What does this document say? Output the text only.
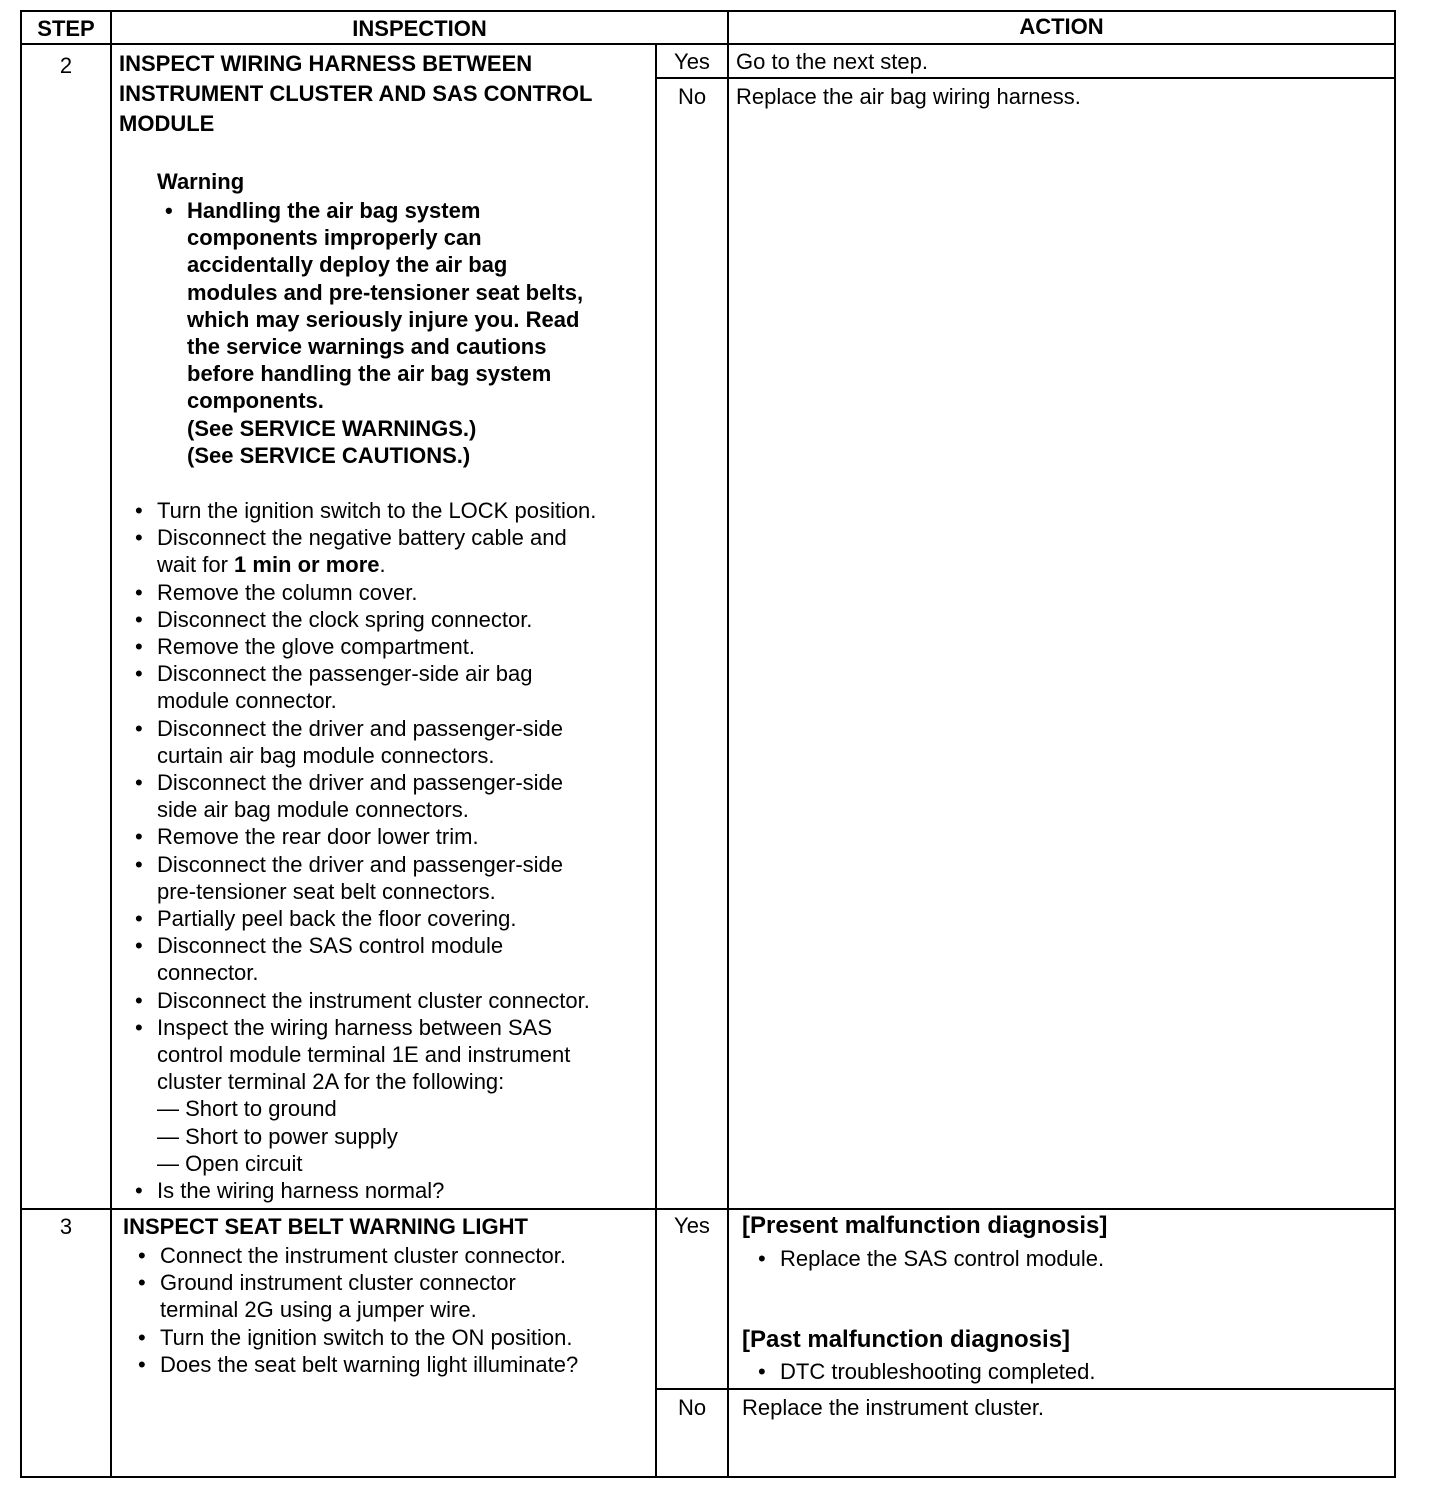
STEP	INSPECTION	ACTION
2	INSPECT WIRING HARNESS BETWEEN
INSTRUMENT CLUSTER AND SAS CONTROL
MODULE
Warning
• Handling the air bag system
components improperly can
accidentally deploy the air bag
modules and pre-tensioner seat belts,
which may seriously injure you. Read
the service warnings and cautions
before handling the air bag system
components.
(See SERVICE WARNINGS.)
(See SERVICE CAUTIONS.)
• Turn the ignition switch to the LOCK position.
• Disconnect the negative battery cable and
wait for 1 min or more.
• Remove the column cover.
• Disconnect the clock spring connector.
• Remove the glove compartment.
• Disconnect the passenger-side air bag
module connector.
• Disconnect the driver and passenger-side
curtain air bag module connectors.
• Disconnect the driver and passenger-side
side air bag module connectors.
• Remove the rear door lower trim.
• Disconnect the driver and passenger-side
pre-tensioner seat belt connectors.
• Partially peel back the floor covering.
• Disconnect the SAS control module
connector.
• Disconnect the instrument cluster connector.
• Inspect the wiring harness between SAS
control module terminal 1E and instrument
cluster terminal 2A for the following:
— Short to ground
— Short to power supply
— Open circuit
• Is the wiring harness normal?
Yes	Go to the next step.
No	Replace the air bag wiring harness.
3	INSPECT SEAT BELT WARNING LIGHT
• Connect the instrument cluster connector.
• Ground instrument cluster connector
terminal 2G using a jumper wire.
• Turn the ignition switch to the ON position.
• Does the seat belt warning light illuminate?
Yes	[Present malfunction diagnosis]
• Replace the SAS control module.
[Past malfunction diagnosis]
• DTC troubleshooting completed.
No	Replace the instrument cluster.
